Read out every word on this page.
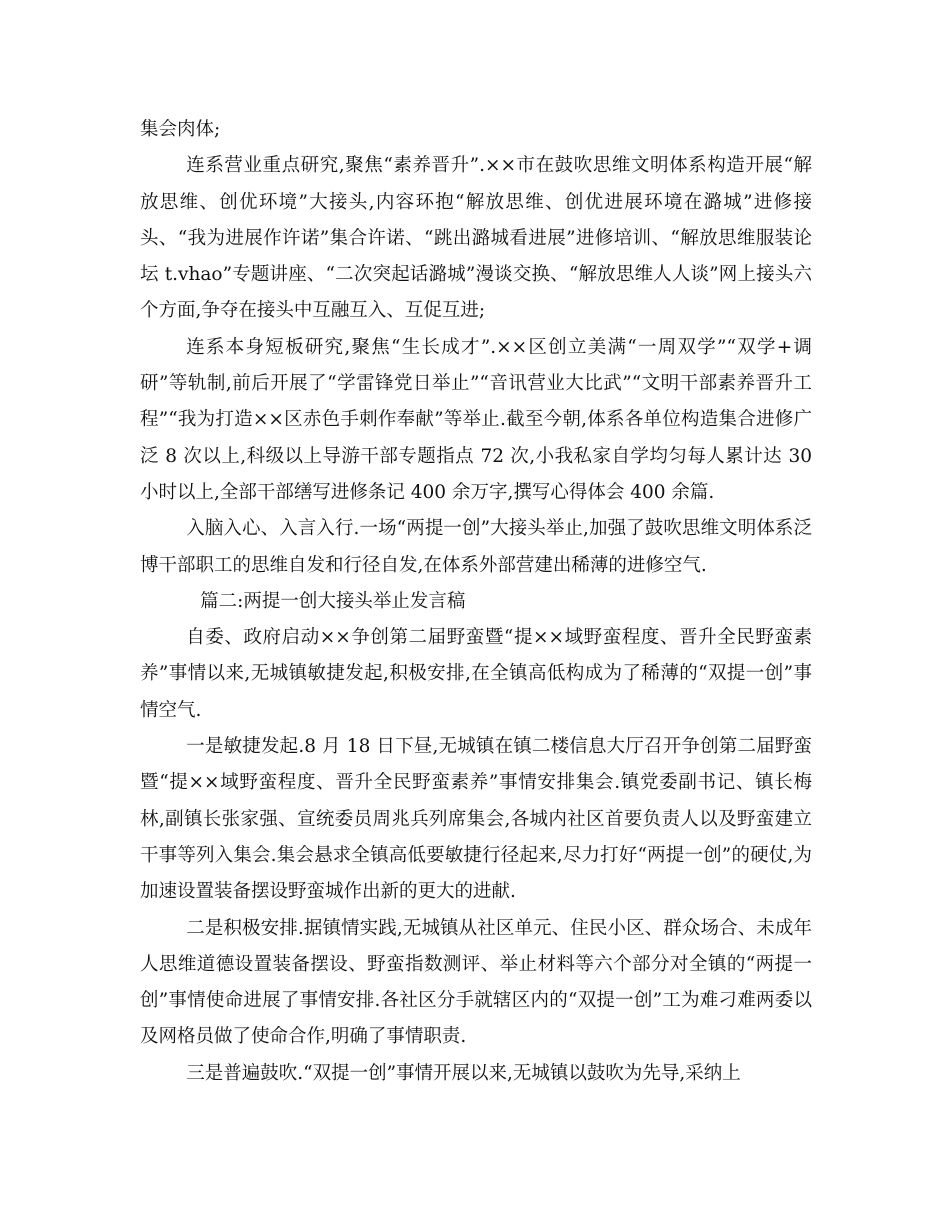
集会肉体;

连系营业重点研究,聚焦“素养晋升”.××市在鼓吹思维文明体系构造开展“解放思维、创优环境”大接头,内容环抱“解放思维、创优进展环境在潞城”进修接头、“我为进展作许诺”集合许诺、“跳出潞城看进展”进修培训、“解放思维服装论坛 t.vhao”专题讲座、“二次突起话潞城”漫谈交换、“解放思维人人谈”网上接头六个方面,争夺在接头中互融互入、互促互进;

连系本身短板研究,聚焦“生长成才”.××区创立美满“一周双学”“双学+调研”等轨制,前后开展了“学雷锋党日举止”“音讯营业大比武”“文明干部素养晋升工程”“我为打造××区赤色手刺作奉献”等举止.截至今朝,体系各单位构造集合进修广泛 8 次以上,科级以上导游干部专题指点 72 次,小我私家自学均匀每人累计达 30 小时以上,全部干部缮写进修条记 400 余万字,撰写心得体会 400 余篇.

入脑入心、入言入行.一场“两提一创”大接头举止,加强了鼓吹思维文明体系泛博干部职工的思维自发和行径自发,在体系外部营建出稀薄的进修空气.

篇二:两提一创大接头举止发言稿

自委、政府启动××争创第二届野蛮暨“提××域野蛮程度、晋升全民野蛮素养”事情以来,无城镇敏捷发起,积极安排,在全镇高低构成为了稀薄的“双提一创”事情空气.

一是敏捷发起.8 月 18 日下昼,无城镇在镇二楼信息大厅召开争创第二届野蛮暨“提××域野蛮程度、晋升全民野蛮素养”事情安排集会.镇党委副书记、镇长梅林,副镇长张家强、宣统委员周兆兵列席集会,各城内社区首要负责人以及野蛮建立干事等列入集会.集会悬求全镇高低要敏捷行径起来,尽力打好“两提一创”的硬仗,为加速设置装备摆设野蛮城作出新的更大的进献.

二是积极安排.据镇情实践,无城镇从社区单元、住民小区、群众场合、未成年人思维道德设置装备摆设、野蛮指数测评、举止材料等六个部分对全镇的“两提一创”事情使命进展了事情安排.各社区分手就辖区内的“双提一创”工为难刁难两委以及网格员做了使命合作,明确了事情职责.

三是普遍鼓吹.“双提一创”事情开展以来,无城镇以鼓吹为先导,采纳上
